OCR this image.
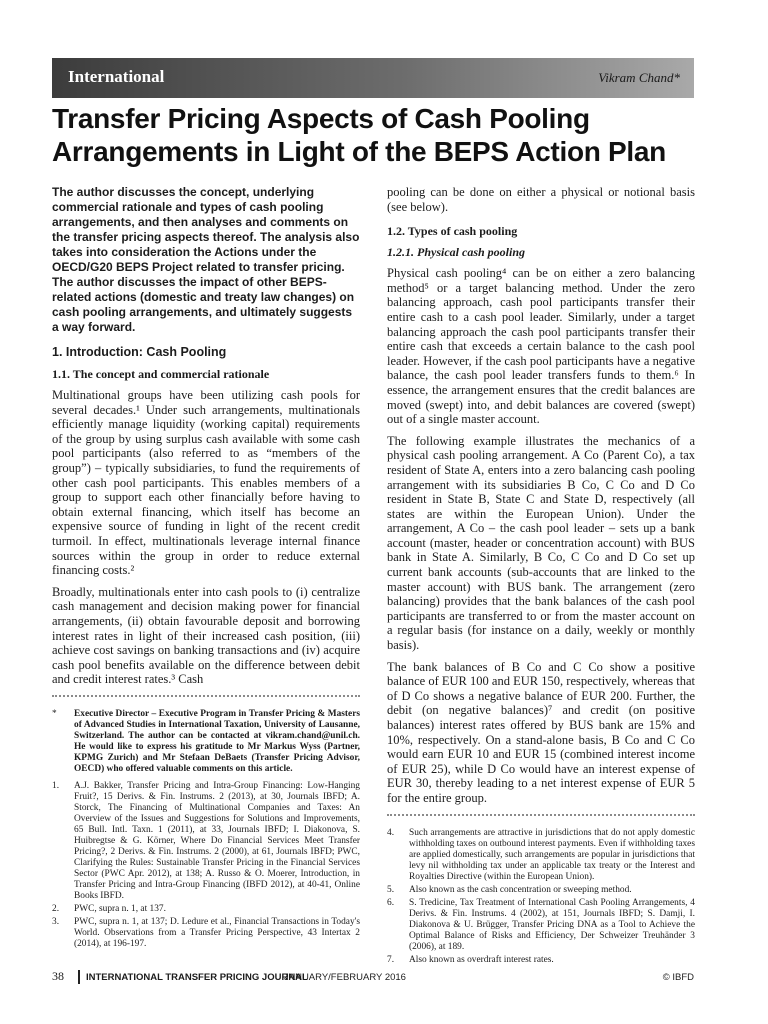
International	Vikram Chand*
Transfer Pricing Aspects of Cash Pooling Arrangements in Light of the BEPS Action Plan

The author discusses the concept, underlying commercial rationale and types of cash pooling arrangements, and then analyses and comments on the transfer pricing aspects thereof. The analysis also takes into consideration the Actions under the OECD/G20 BEPS Project related to transfer pricing. The author discusses the impact of other BEPS-related actions (domestic and treaty law changes) on cash pooling arrangements, and ultimately suggests a way forward.

1. Introduction: Cash Pooling
1.1. The concept and commercial rationale

Multinational groups have been utilizing cash pools for several decades.¹ Under such arrangements, multinationals efficiently manage liquidity (working capital) requirements of the group by using surplus cash available with some cash pool participants (also referred to as “members of the group”) – typically subsidiaries, to fund the requirements of other cash pool participants. This enables members of a group to support each other financially before having to obtain external financing, which itself has become an expensive source of funding in light of the recent credit turmoil. In effect, multinationals leverage internal finance sources within the group in order to reduce external financing costs.²

Broadly, multinationals enter into cash pools to (i) centralize cash management and decision making power for financial arrangements, (ii) obtain favourable deposit and borrowing interest rates in light of their increased cash position, (iii) achieve cost savings on banking transactions and (iv) acquire cash pool benefits available on the difference between debit and credit interest rates.³ Cash

*	Executive Director – Executive Program in Transfer Pricing & Masters of Advanced Studies in International Taxation, University of Lausanne, Switzerland. The author can be contacted at vikram.chand@unil.ch. He would like to express his gratitude to Mr Markus Wyss (Partner, KPMG Zurich) and Mr Stefaan DeBaets (Transfer Pricing Advisor, OECD) who offered valuable comments on this article.
1.	A.J. Bakker, Transfer Pricing and Intra-Group Financing: Low-Hanging Fruit?, 15 Derivs. & Fin. Instrums. 2 (2013), at 30, Journals IBFD; A. Storck, The Financing of Multinational Companies and Taxes: An Overview of the Issues and Suggestions for Solutions and Improvements, 65 Bull. Intl. Taxn. 1 (2011), at 33, Journals IBFD; I. Diakonova, S. Huibregtse & G. Körner, Where Do Financial Services Meet Transfer Pricing?, 2 Derivs. & Fin. Instrums. 2 (2000), at 61, Journals IBFD; PWC, Clarifying the Rules: Sustainable Transfer Pricing in the Financial Services Sector (PWC Apr. 2012), at 138; A. Russo & O. Moerer, Introduction, in Transfer Pricing and Intra-Group Financing (IBFD 2012), at 40-41, Online Books IBFD.
2.	PWC, supra n. 1, at 137.
3.	PWC, supra n. 1, at 137; D. Ledure et al., Financial Transactions in Today's World. Observations from a Transfer Pricing Perspective, 43 Intertax 2 (2014), at 196-197.

pooling can be done on either a physical or notional basis (see below).

1.2. Types of cash pooling
1.2.1. Physical cash pooling

Physical cash pooling⁴ can be on either a zero balancing method⁵ or a target balancing method. Under the zero balancing approach, cash pool participants transfer their entire cash to a cash pool leader. Similarly, under a target balancing approach the cash pool participants transfer their entire cash that exceeds a certain balance to the cash pool leader. However, if the cash pool participants have a negative balance, the cash pool leader transfers funds to them.⁶ In essence, the arrangement ensures that the credit balances are moved (swept) into, and debit balances are covered (swept) out of a single master account.

The following example illustrates the mechanics of a physical cash pooling arrangement. A Co (Parent Co), a tax resident of State A, enters into a zero balancing cash pooling arrangement with its subsidiaries B Co, C Co and D Co resident in State B, State C and State D, respectively (all states are within the European Union). Under the arrangement, A Co – the cash pool leader – sets up a bank account (master, header or concentration account) with BUS bank in State A. Similarly, B Co, C Co and D Co set up current bank accounts (sub-accounts that are linked to the master account) with BUS bank. The arrangement (zero balancing) provides that the bank balances of the cash pool participants are transferred to or from the master account on a regular basis (for instance on a daily, weekly or monthly basis).

The bank balances of B Co and C Co show a positive balance of EUR 100 and EUR 150, respectively, whereas that of D Co shows a negative balance of EUR 200. Further, the debit (on negative balances)⁷ and credit (on positive balances) interest rates offered by BUS bank are 15% and 10%, respectively. On a stand-alone basis, B Co and C Co would earn EUR 10 and EUR 15 (combined interest income of EUR 25), while D Co would have an interest expense of EUR 30, thereby leading to a net interest expense of EUR 5 for the entire group.

4.	Such arrangements are attractive in jurisdictions that do not apply domestic withholding taxes on outbound interest payments. Even if withholding taxes are applied domestically, such arrangements are popular in jurisdictions that levy nil withholding tax under an applicable tax treaty or the Interest and Royalties Directive (within the European Union).
5.	Also known as the cash concentration or sweeping method.
6.	S. Tredicine, Tax Treatment of International Cash Pooling Arrangements, 4 Derivs. & Fin. Instrums. 4 (2002), at 151, Journals IBFD; S. Damji, I. Diakonova & U. Brügger, Transfer Pricing DNA as a Tool to Achieve the Optimal Balance of Risks and Efficiency, Der Schweizer Treuhänder 3 (2006), at 189.
7.	Also known as overdraft interest rates.
38 INTERNATIONAL TRANSFER PRICING JOURNAL
JANUARY/FEBRUARY 2016	© IBFD
